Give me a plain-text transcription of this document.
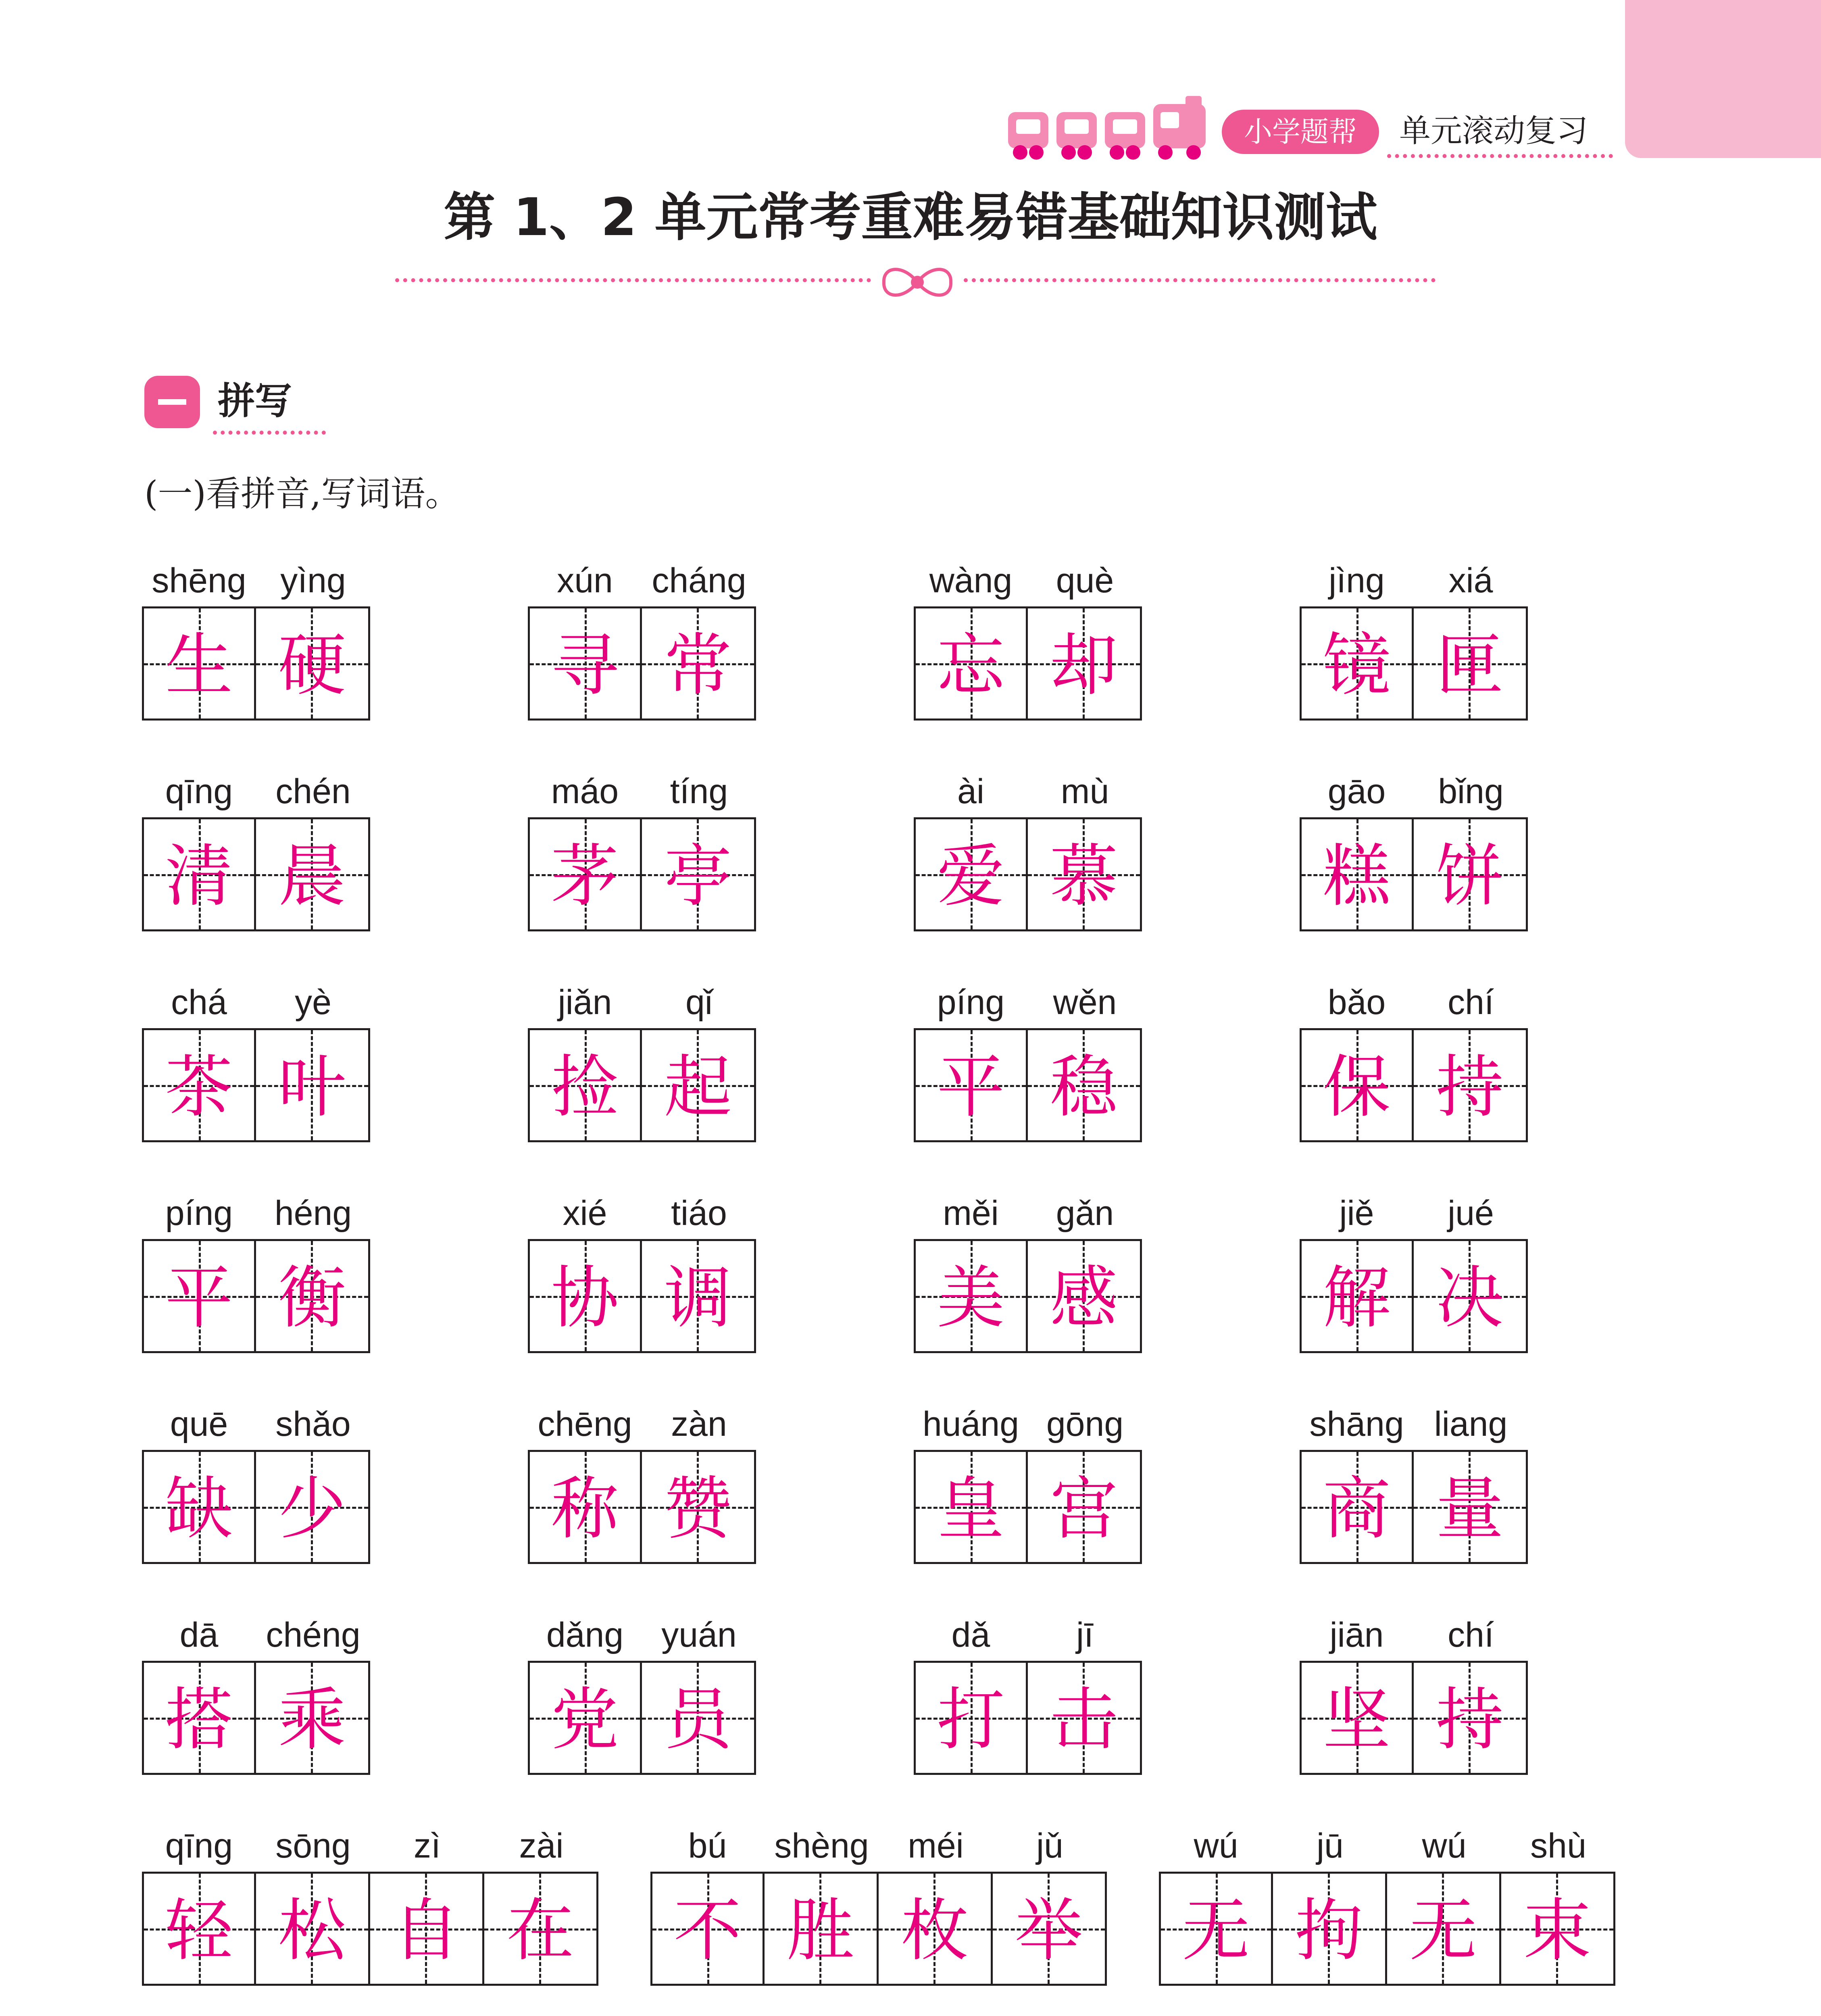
小学题帮	单元滚动复习
第 1、2 单元常考重难易错基础知识测试
拼写
(一)看拼音,写词语。
shēng yìng
生 硬
xún	cháng
寻 常
wàng	què
忘 却
jìng	xiá
镜 匣
qīng	chén
清 晨
máo	tíng
茅 亭
ài	mù
爱 慕
gāo	bǐng
糕 饼
chá	yè
茶 叶
jiǎn	qǐ
捡 起
píng	wěn
平 稳
bǎo	chí
保 持
píng	héng
平 衡
xié	tiáo
协 调
měi	gǎn
美 感
jiě	jué
解 决
quē	shǎo
缺 少
chēng	zàn
称 赞
huáng gōng
皇 宫
shāng liang
商 量
dā	chéng
搭 乘
dǎng	yuán
党 员
dǎ	jī
打 击
jiān	chí
坚 持
qīng	sōng	zì	zài
轻 松 自 在
bú	shèng	méi	jǔ
不 胜 枚 举
wú	jū	wú	shù
无 拘 无 束
